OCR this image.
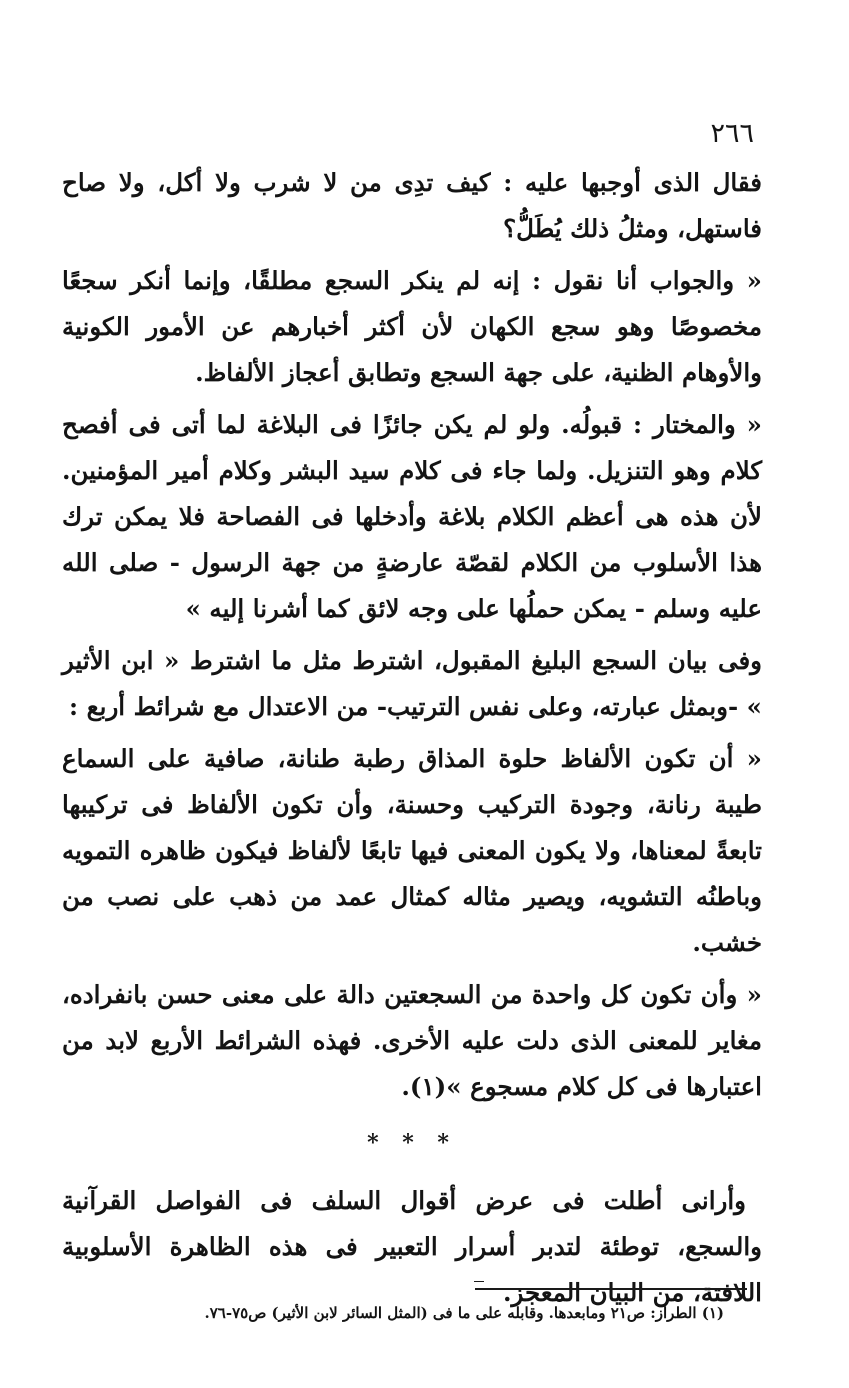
٢٦٦

فقال الذى أوجبها عليه : كيف تدِى من لا شرب ولا أكل، ولا صاح فاستهل، ومثلُ ذلك يُطَلُّ؟

« والجواب أنا نقول : إنه لم ينكر السجع مطلقًا، وإنما أنكر سجعًا مخصوصًا وهو سجع الكهان لأن أكثر أخبارهم عن الأمور الكونية والأوهام الظنية، على جهة السجع وتطابق أعجاز الألفاظ.

« والمختار : قبولُه. ولو لم يكن جائزًا فى البلاغة لما أتى فى أفصح كلام وهو التنزيل. ولما جاء فى كلام سيد البشر وكلام أمير المؤمنين. لأن هذه هى أعظم الكلام بلاغة وأدخلها فى الفصاحة فلا يمكن ترك هذا الأسلوب من الكلام لقصّة عارضةٍ من جهة الرسول - صلى الله عليه وسلم - يمكن حملُها على وجه لائق كما أشرنا إليه »

وفى بيان السجع البليغ المقبول، اشترط مثل ما اشترط « ابن الأثير » -وبمثل عبارته، وعلى نفس الترتيب- من الاعتدال مع شرائط أربع :

« أن تكون الألفاظ حلوة المذاق رطبة طنانة، صافية على السماع طيبة رنانة، وجودة التركيب وحسنة، وأن تكون الألفاظ فى تركيبها تابعةً لمعناها، ولا يكون المعنى فيها تابعًا لألفاظ فيكون ظاهره التمويه وباطنُه التشويه، ويصير مثاله كمثال عمد من ذهب على نصب من خشب.

« وأن تكون كل واحدة من السجعتين دالة على معنى حسن بانفراده، مغاير للمعنى الذى دلت عليه الأخرى. فهذه الشرائط الأربع لابد من اعتبارها فى كل كلام مسجوع »(١).

* * *

وأرانى أطلت فى عرض أقوال السلف فى الفواصل القرآنية والسجع، توطئة لتدبر أسرار التعبير فى هذه الظاهرة الأسلوبية اللافتة، من البيان المعجز.

(١) الطراز: ص٢١ ومابعدها. وقابله على ما فى (المثل السائر لابن الأثير) ص٧٥-٧٦.
